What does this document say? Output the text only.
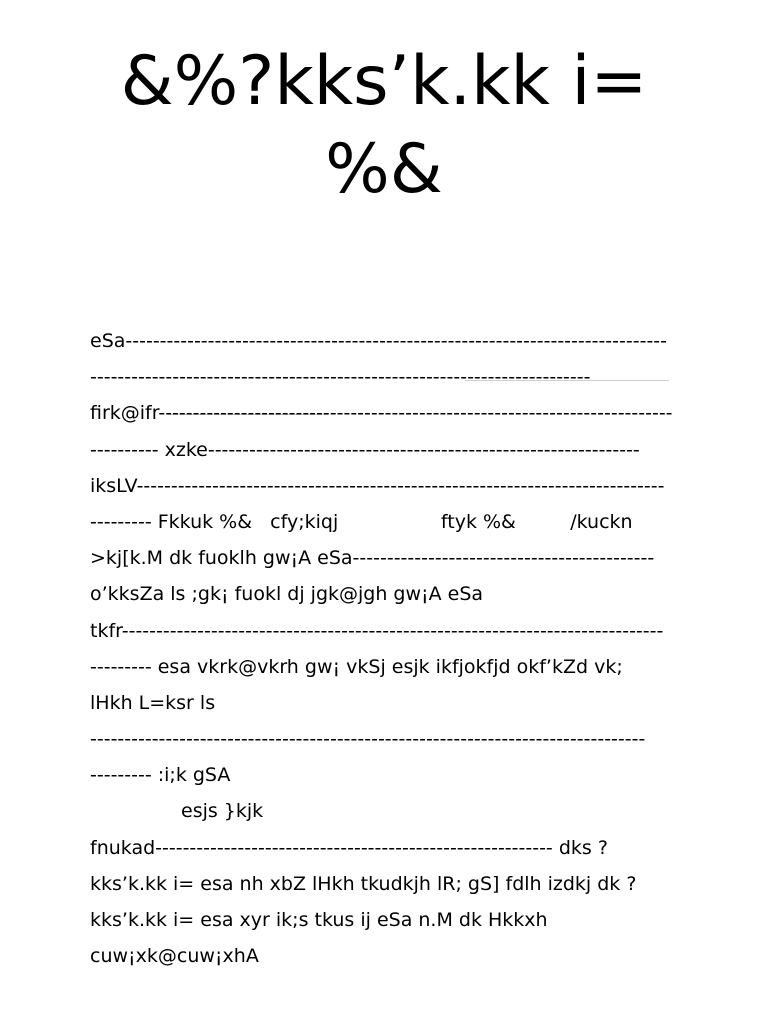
&%?kks’k.kk i=
%&
eSa-------------------------------------------------------------------------------
-------------------------------------------------------------------------
firk@ifr---------------------------------------------------------------------------
---------- xzke---------------------------------------------------------------
iksLV-----------------------------------------------------------------------------
--------- Fkkuk %&   cfy;kiqj                 ftyk %&         /kuckn
>kj[k.M dk fuoklh gw¡A eSa--------------------------------------------
o’kksZa ls ;gk¡ fuokl dj jgk@jgh gw¡A eSa
tkfr-------------------------------------------------------------------------------
--------- esa vkrk@vkrh gw¡ vkSj esjk ikfjokfjd okf’kZd vk;
lHkh L=ksr ls
---------------------------------------------------------------------------------
--------- :i;k gSA
esjs }kjk
fnukad---------------------------------------------------------- dks ?
kks’k.kk i= esa nh xbZ lHkh tkudkjh lR; gS] fdlh izdkj dk ?
kks’k.kk i= esa xyr ik;s tkus ij eSa n.M dk Hkkxh
cuw¡xk@cuw¡xhA
